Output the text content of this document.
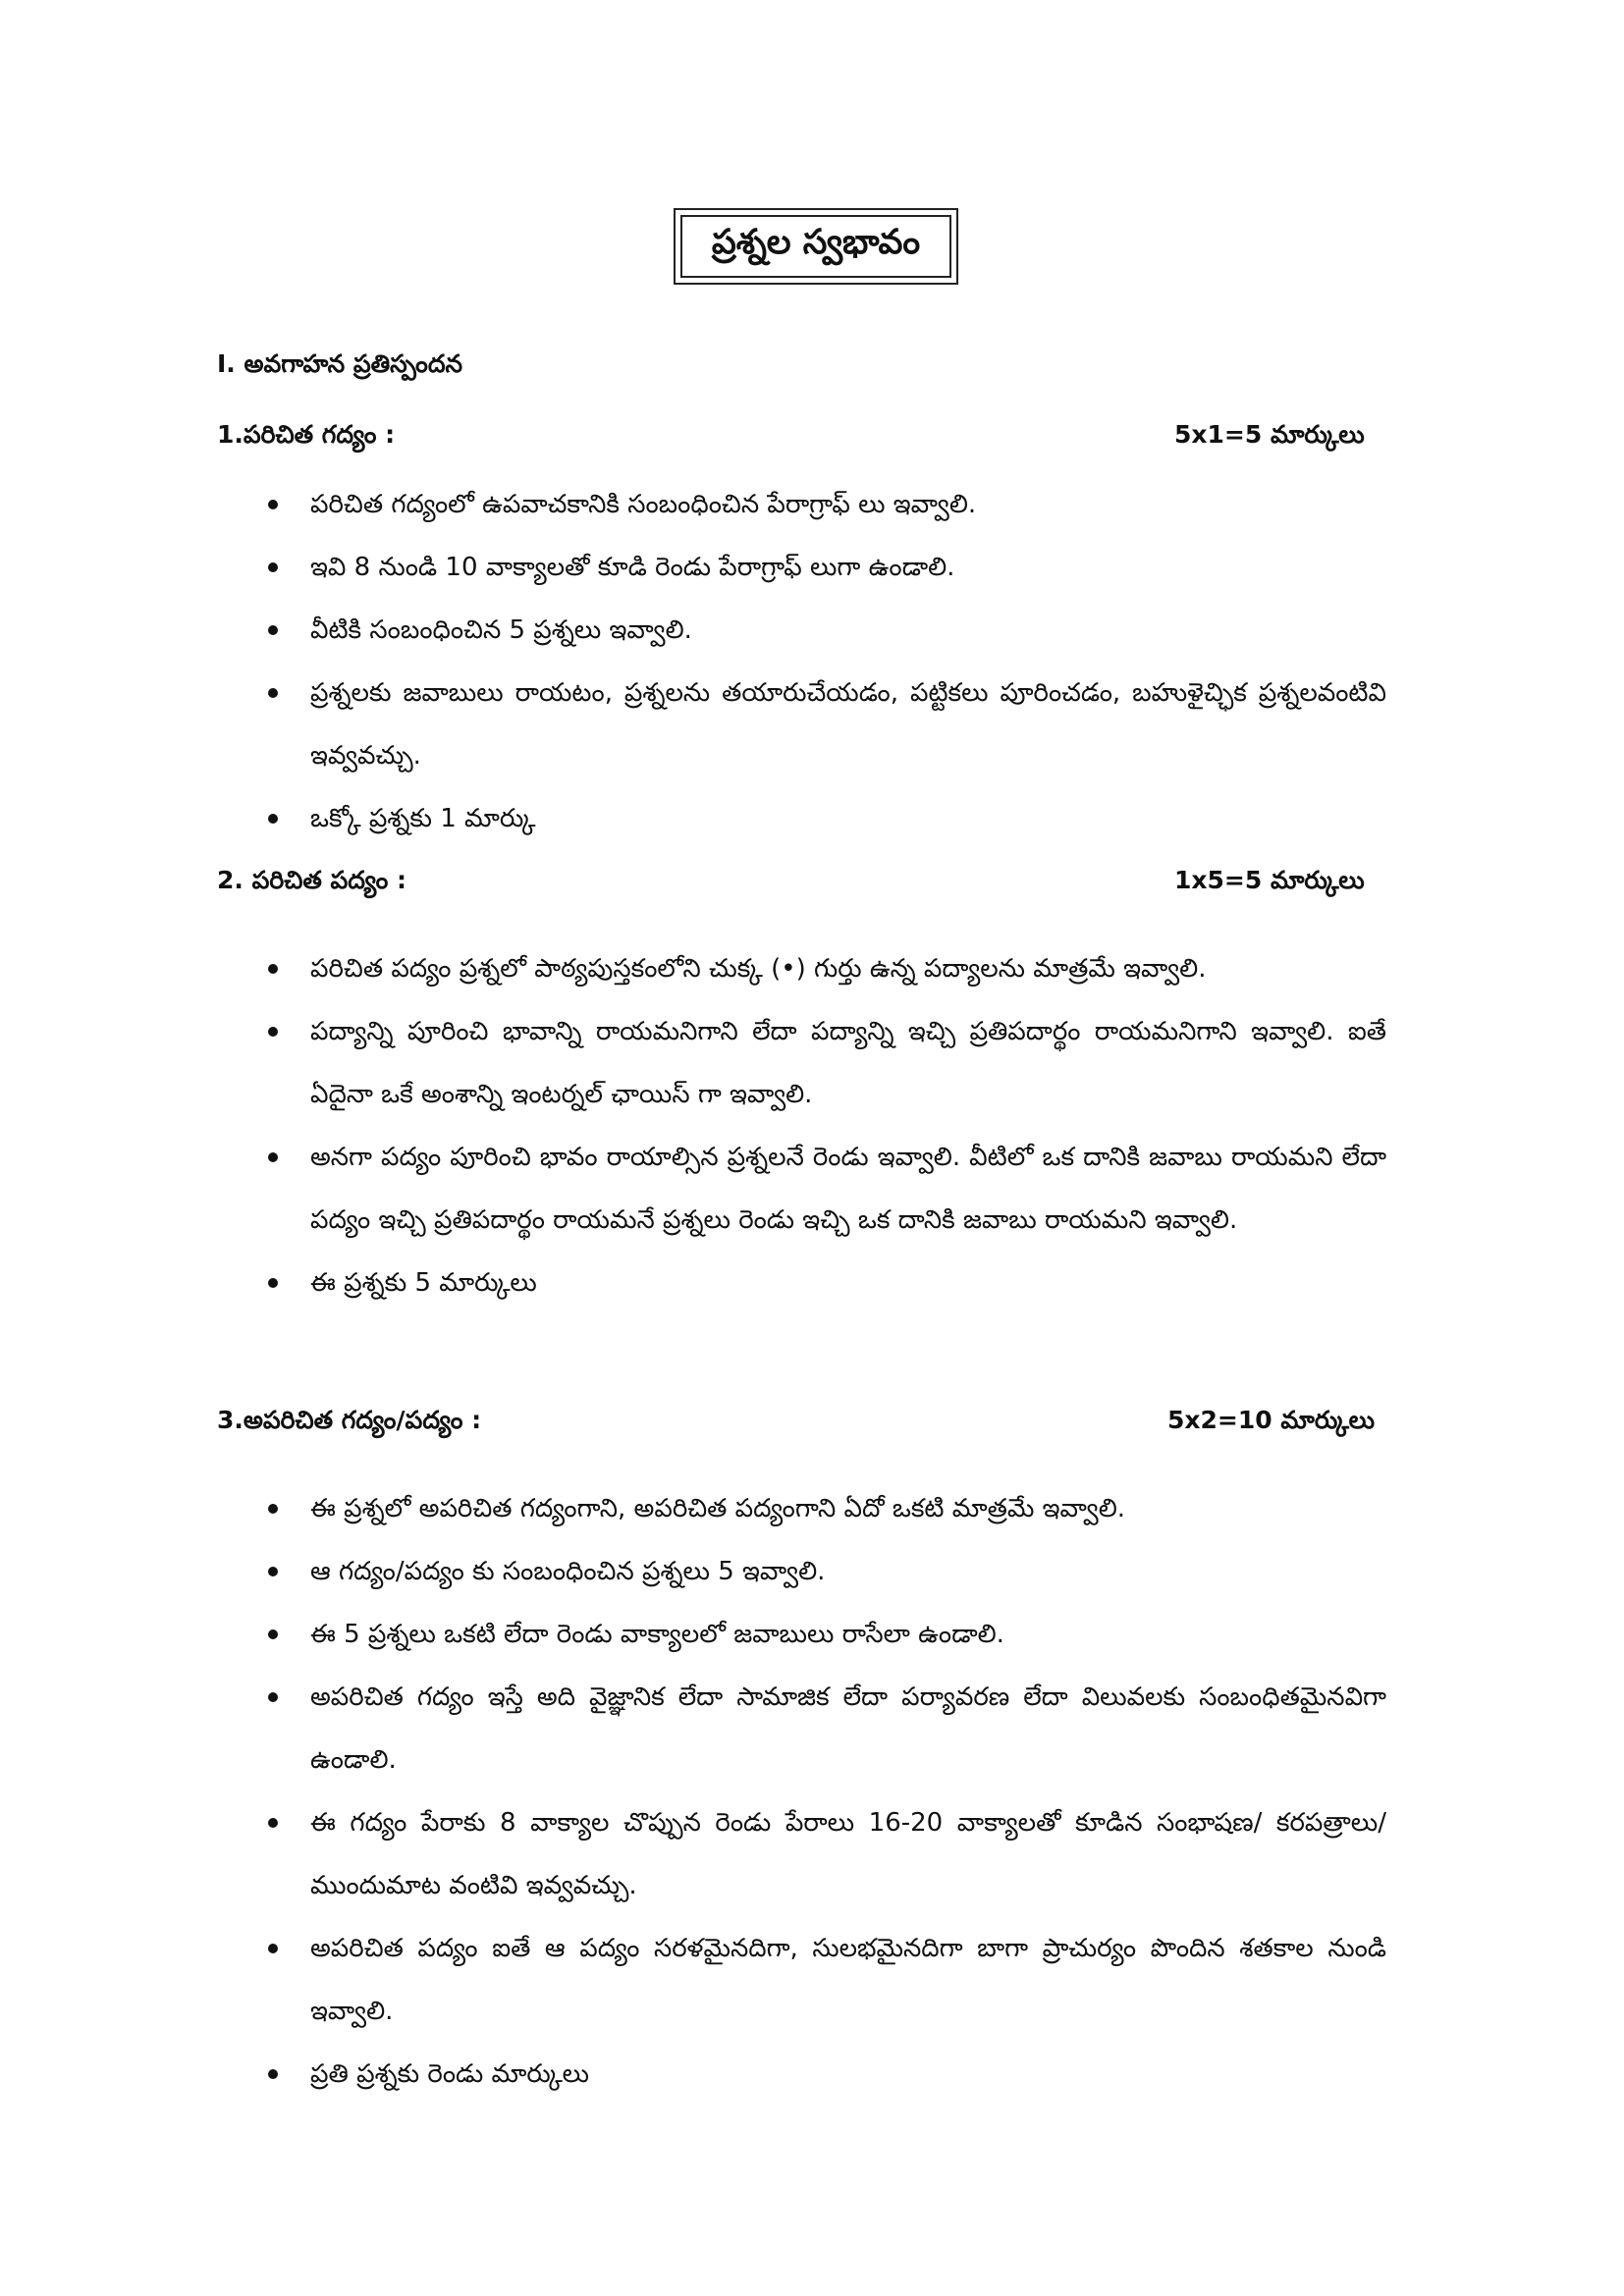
ప్రశ్నల స్వభావం
I. అవగాహన ప్రతిస్పందన
1.పరిచిత గద్యం :	5x1=5 మార్కులు
పరిచిత గద్యంలో ఉపవాచకానికి సంబంధించిన పేరాగ్రాఫ్ లు ఇవ్వాలి.
ఇవి 8 నుండి 10 వాక్యాలతో కూడి రెండు పేరాగ్రాఫ్ లుగా ఉండాలి.
వీటికి సంబంధించిన 5 ప్రశ్నలు ఇవ్వాలి.
ప్రశ్నలకు జవాబులు రాయటం, ప్రశ్నలను తయారుచేయడం, పట్టికలు పూరించడం, బహుళైచ్ఛిక ప్రశ్నలవంటివి ఇవ్వవచ్చు.
ఒక్కో ప్రశ్నకు 1 మార్కు
2. పరిచిత పద్యం :	1x5=5 మార్కులు
పరిచిత పద్యం ప్రశ్నలో పాఠ్యపుస్తకంలోని చుక్క (•) గుర్తు ఉన్న పద్యాలను మాత్రమే ఇవ్వాలి.
పద్యాన్ని పూరించి భావాన్ని రాయమనిగాని లేదా పద్యాన్ని ఇచ్చి ప్రతిపదార్థం రాయమనిగాని ఇవ్వాలి. ఐతే ఏదైనా ఒకే అంశాన్ని ఇంటర్నల్ ఛాయిస్ గా ఇవ్వాలి.
అనగా పద్యం పూరించి భావం రాయాల్సిన ప్రశ్నలనే రెండు ఇవ్వాలి. వీటిలో ఒక దానికి జవాబు రాయమని లేదా పద్యం ఇచ్చి ప్రతిపదార్థం రాయమనే ప్రశ్నలు రెండు ఇచ్చి ఒక దానికి జవాబు రాయమని ఇవ్వాలి.
ఈ ప్రశ్నకు 5 మార్కులు
3.అపరిచిత గద్యం/పద్యం :	5x2=10 మార్కులు
ఈ ప్రశ్నలో అపరిచిత గద్యంగాని, అపరిచిత పద్యంగాని ఏదో ఒకటి మాత్రమే ఇవ్వాలి.
ఆ గద్యం/పద్యం కు సంబంధించిన ప్రశ్నలు 5 ఇవ్వాలి.
ఈ 5 ప్రశ్నలు ఒకటి లేదా రెండు వాక్యాలలో జవాబులు రాసేలా ఉండాలి.
అపరిచిత గద్యం ఇస్తే అది వైజ్ఞానిక లేదా సామాజిక లేదా పర్యావరణ లేదా విలువలకు సంబంధితమైనవిగా ఉండాలి.
ఈ గద్యం పేరాకు 8 వాక్యాల చొప్పున రెండు పేరాలు 16-20 వాక్యాలతో కూడిన సంభాషణ/ కరపత్రాలు/ముందుమాట వంటివి ఇవ్వవచ్చు.
అపరిచిత పద్యం ఐతే ఆ పద్యం సరళమైనదిగా, సులభమైనదిగా బాగా ప్రాచుర్యం పొందిన శతకాల నుండి ఇవ్వాలి.
ప్రతి ప్రశ్నకు రెండు మార్కులు
